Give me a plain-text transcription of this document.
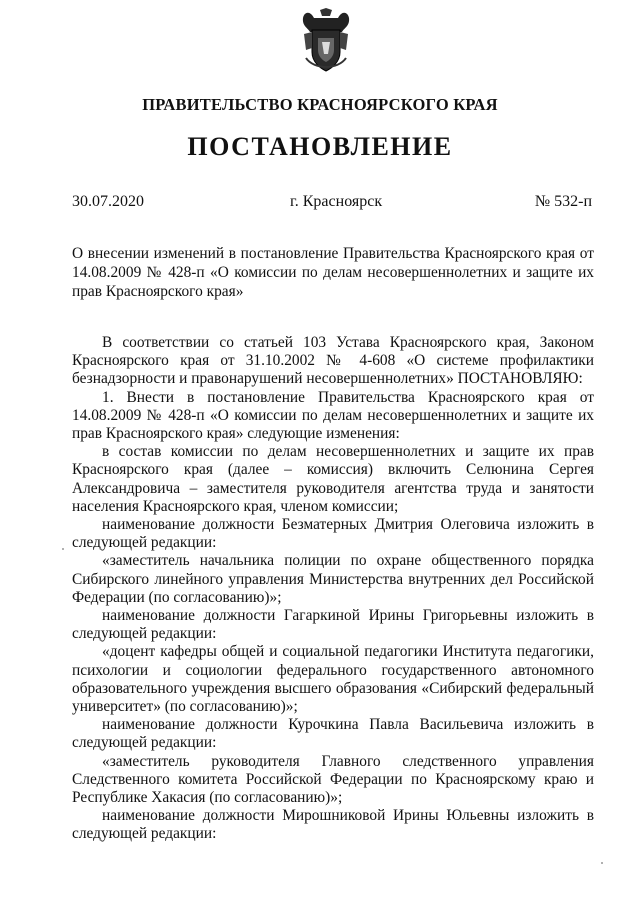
ПРАВИТЕЛЬСТВО КРАСНОЯРСКОГО КРАЯ
ПОСТАНОВЛЕНИЕ
30.07.2020	г. Красноярск	№ 532-п
О внесении изменений в постановление Правительства Красноярского края от 14.08.2009 № 428-п «О комиссии по делам несовершеннолетних и защите их прав Красноярского края»

В соответствии со статьей 103 Устава Красноярского края, Законом Красноярского края от 31.10.2002 № 4-608 «О системе профилактики безнадзорности и правонарушений несовершеннолетних» ПОСТАНОВЛЯЮ:

1. Внести в постановление Правительства Красноярского края от 14.08.2009 № 428-п «О комиссии по делам несовершеннолетних и защите их прав Красноярского края» следующие изменения:

в состав комиссии по делам несовершеннолетних и защите их прав Красноярского края (далее – комиссия) включить Селюнина Сергея Александровича – заместителя руководителя агентства труда и занятости населения Красноярского края, членом комиссии;

наименование должности Безматерных Дмитрия Олеговича изложить в следующей редакции:

«заместитель начальника полиции по охране общественного порядка Сибирского линейного управления Министерства внутренних дел Российской Федерации (по согласованию)»;

наименование должности Гагаркиной Ирины Григорьевны изложить в следующей редакции:

«доцент кафедры общей и социальной педагогики Института педагогики, психологии и социологии федерального государственного автономного образовательного учреждения высшего образования «Сибирский федеральный университет» (по согласованию)»;

наименование должности Курочкина Павла Васильевича изложить в следующей редакции:

«заместитель руководителя Главного следственного управления Следственного комитета Российской Федерации по Красноярскому краю и Республике Хакасия (по согласованию)»;

наименование должности Мирошниковой Ирины Юльевны изложить в следующей редакции:
